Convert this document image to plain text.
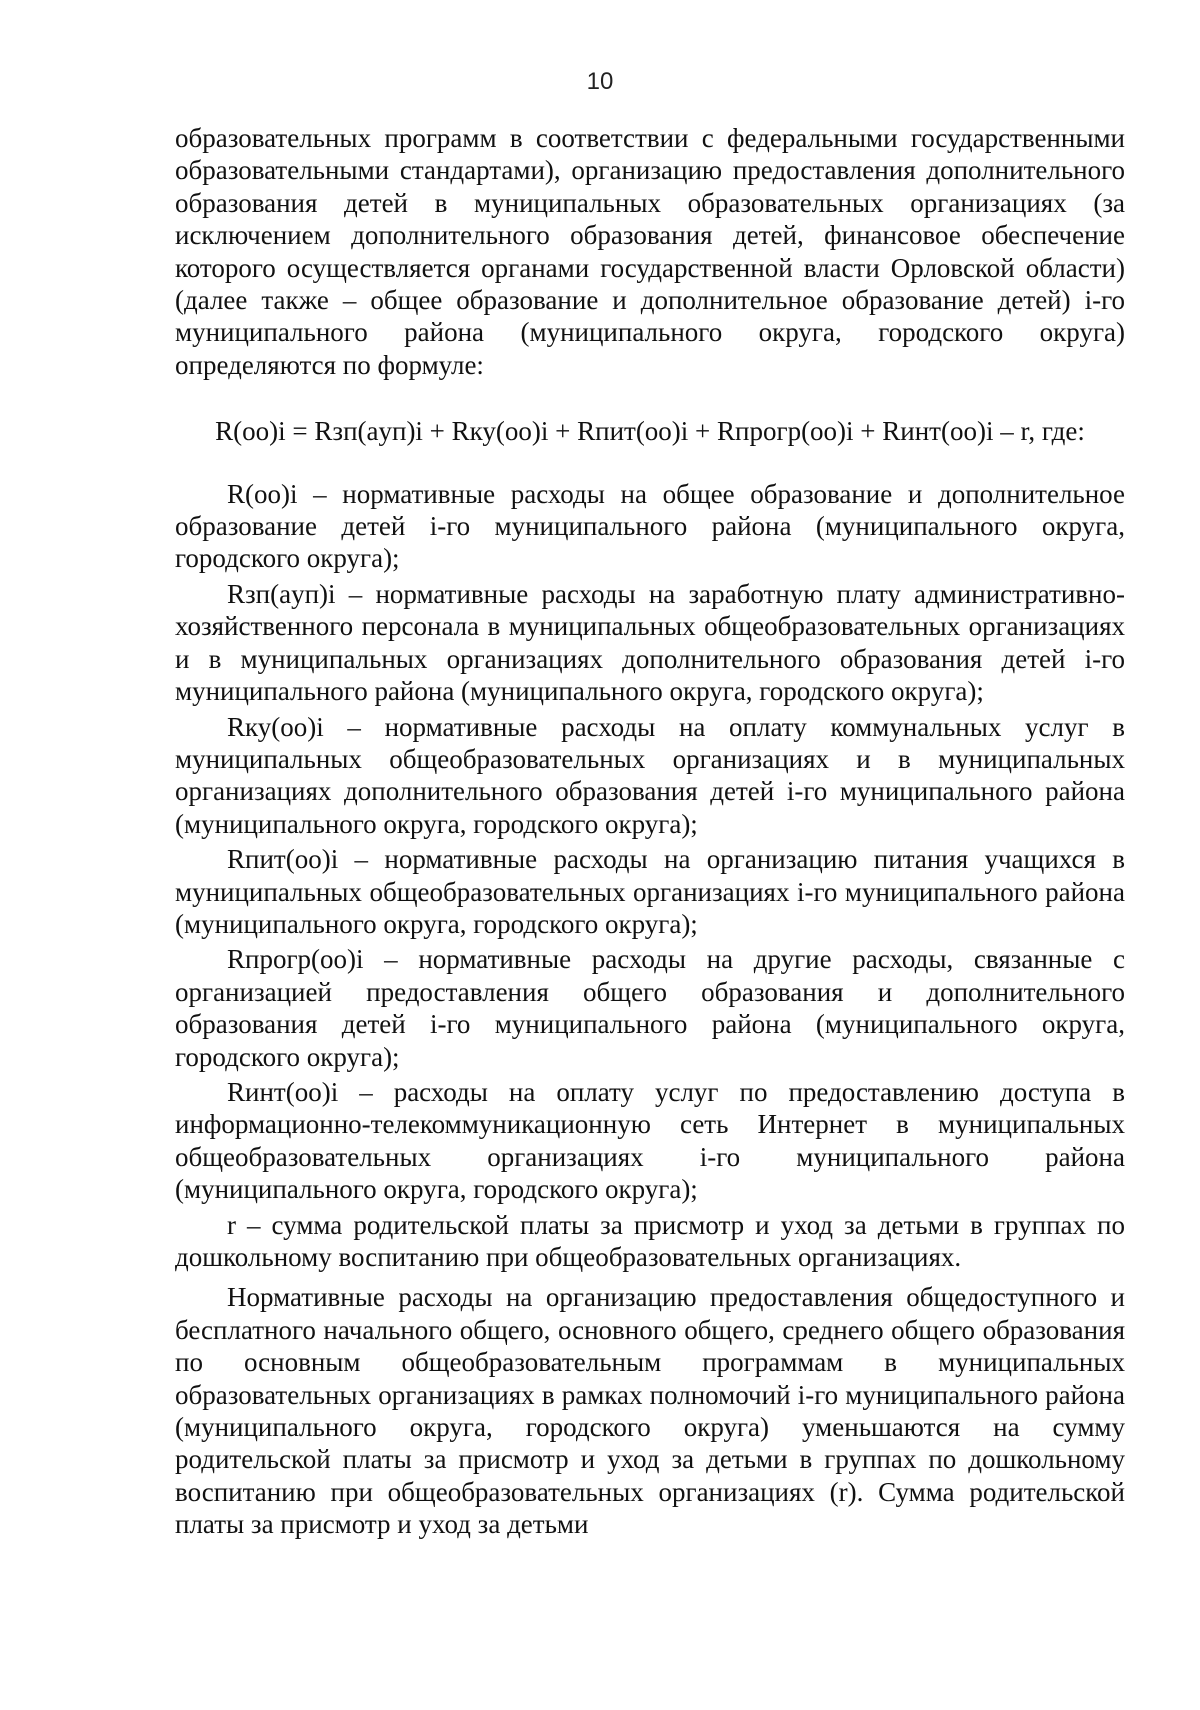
10

образовательных программ в соответствии с федеральными государственными образовательными стандартами), организацию предоставления дополнительного образования детей в муниципальных образовательных организациях (за исключением дополнительного образования детей, финансовое обеспечение которого осуществляется органами государственной власти Орловской области) (далее также – общее образование и дополнительное образование детей) i-го муниципального района (муниципального округа, городского округа) определяются по формуле:

R(oo)i = Rзп(аyп)i + Rку(оо)i + Rпит(оо)i + Rпрогр(оо)i + Rинт(оо)i – r, где:

R(oo)i – нормативные расходы на общее образование и дополнительное образование детей i-го муниципального района (муниципального округа, городского округа);

Rзп(аyп)i – нормативные расходы на заработную плату административно-хозяйственного персонала в муниципальных общеобразовательных организациях и в муниципальных организациях дополнительного образования детей i-го муниципального района (муниципального округа, городского округа);

Rку(оо)i – нормативные расходы на оплату коммунальных услуг в муниципальных общеобразовательных организациях и в муниципальных организациях дополнительного образования детей i-го муниципального района (муниципального округа, городского округа);

Rпит(оо)i – нормативные расходы на организацию питания учащихся в муниципальных общеобразовательных организациях i-го муниципального района (муниципального округа, городского округа);

Rпрогр(оо)i – нормативные расходы на другие расходы, связанные с организацией предоставления общего образования и дополнительного образования детей i-го муниципального района (муниципального округа, городского округа);

Rинт(оо)i – расходы на оплату услуг по предоставлению доступа в информационно-телекоммуникационную сеть Интернет в муниципальных общеобразовательных организациях i-го муниципального района (муниципального округа, городского округа);

r – сумма родительской платы за присмотр и уход за детьми в группах по дошкольному воспитанию при общеобразовательных организациях.

Нормативные расходы на организацию предоставления общедоступного и бесплатного начального общего, основного общего, среднего общего образования по основным общеобразовательным программам в муниципальных образовательных организациях в рамках полномочий i-го муниципального района (муниципального округа, городского округа) уменьшаются на сумму родительской платы за присмотр и уход за детьми в группах по дошкольному воспитанию при общеобразовательных организациях (r). Сумма родительской платы за присмотр и уход за детьми
